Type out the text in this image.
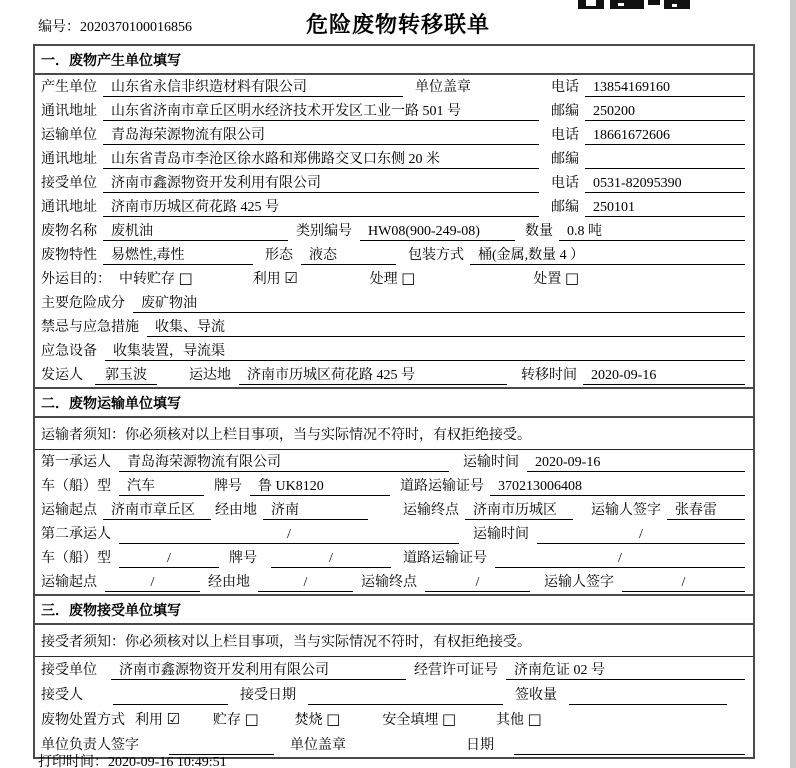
编号：2020370100016856	危险废物转移联单
一．废物产生单位填写
产生单位	山东省永信非织造材料有限公司	单位盖章	电话	13854169160
通讯地址	山东省济南市章丘区明水经济技术开发区工业一路 501 号	邮编	250200
运输单位	青岛海荣源物流有限公司	电话	18661672606
通讯地址	山东省青岛市李沧区徐水路和郑佛路交叉口东侧 20 米	邮编
接受单位	济南市鑫源物资开发利用有限公司	电话	0531-82095390
通讯地址	济南市历城区荷花路 425 号	邮编	250101
废物名称	废机油	类别编号	HW08(900-249-08)	数量	0.8 吨
废物特性	易燃性,毒性	形态	液态	包装方式	桶(金属,数量 4 ）
外运目的： 中转贮存 □	利用 ☑	处理 □	处置 □
主要危险成分	废矿物油
禁忌与应急措施	收集、导流
应急设备	收集装置，导流渠
发运人	郭玉波	运达地	济南市历城区荷花路 425 号	转移时间	2020-09-16
二．废物运输单位填写
运输者须知：你必须核对以上栏目事项，当与实际情况不符时，有权拒绝接受。
第一承运人	青岛海荣源物流有限公司	运输时间	2020-09-16
车（船）型	汽车	牌号	鲁 UK8120	道路运输证号	370213006408
运输起点	济南市章丘区	经由地	济南	运输终点	济南市历城区	运输人签字	张春雷
第二承运人	/	运输时间	/
车（船）型	/	牌号	/	道路运输证号	/
运输起点	/	经由地	/	运输终点	/	运输人签字	/
三．废物接受单位填写
接受者须知：你必须核对以上栏目事项，当与实际情况不符时，有权拒绝接受。
接受单位	济南市鑫源物资开发利用有限公司	经营许可证号	济南危证 02 号
接受人	接受日期	签收量
废物处置方式 利用 ☑ 贮存 □	焚烧 □	安全填埋 □	其他 □
单位负责人签字	单位盖章	日期
打印时间：2020-09-16 10:49:51
